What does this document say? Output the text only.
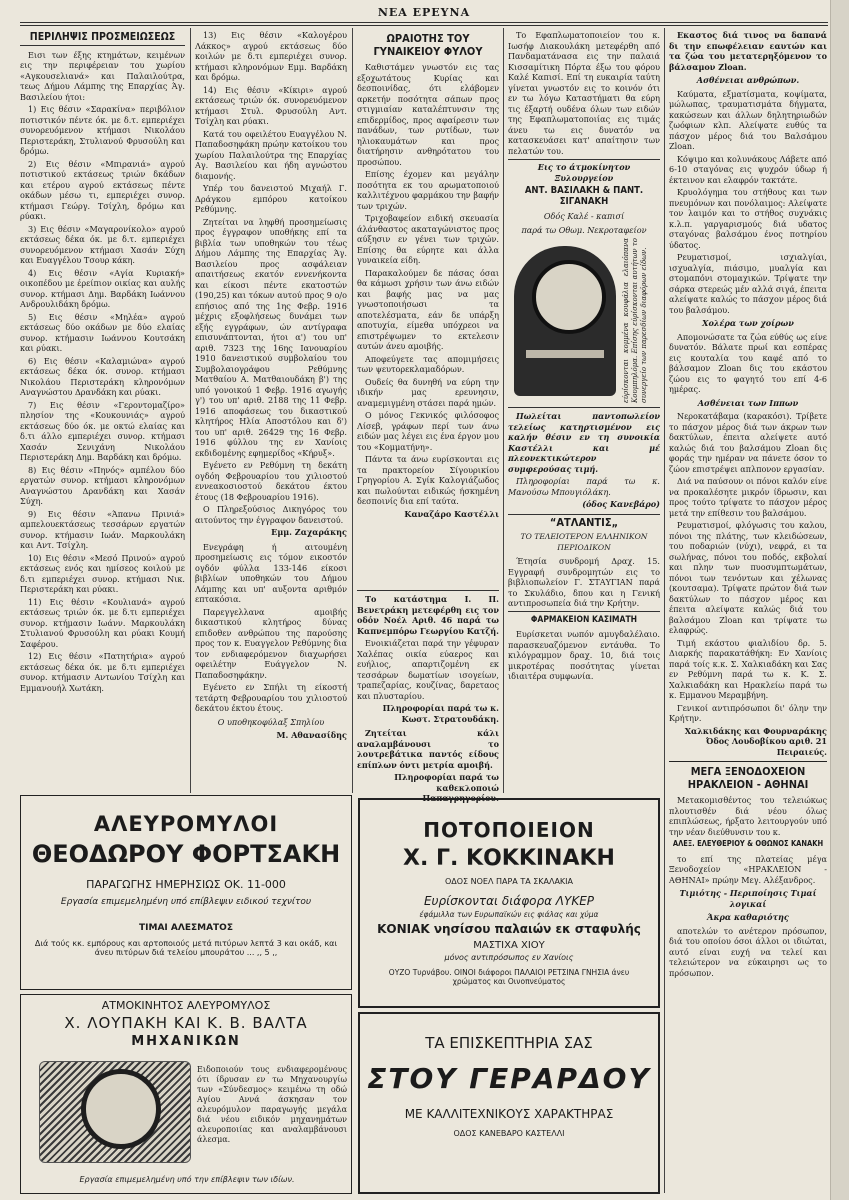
ΝΕΑ ΕΡΕΥΝΑ
ΠΕΡΙΛΗΨΙΣ ΠΡΟΣΜΕΙΩΣΕΩΣ

Εισι των έξης κτημάτων, κειμένων εις την περιφέρειαν του χωρίου «Αγκουσελιανά» και Παλαιλούτρα, τεως Δήμου Λάμπης της Επαρχίας Άγ. Βασιλείου ήτοι:

1) Εις θέσιν «Σαρακίνα» περιβόλιον ποτιστικόν πέντε όκ. με δ.τ. εμπεριέχει συνορευόμενον κτήμασι Νικολάου Περιστεράκη, Στυλιανού Φρυσούλη και δρόμω.

2) Εις θέσιν «Μπιρανιά» αγρού ποτιστικού εκτάσεως τριών δκάδων και ετέρου αγρού εκτάσεως πέντε οκάδων μέσω τι, εμπεριέχει συνορ. κτήμασι Γεώργ. Τσίχλη, δρόμω και ρύακι.

3) Εις θέσιν «Μαγαρονίκολο» αγρού εκτάσεως δέκα όκ. με δ.τ. εμπεριέχει συνορευόμενον κτήμασι Χασάν Σύχη και Ευαγγέλου Τσουρ κάκη.

4) Εις θέσιν «Αγία Κυριακή» οικοπέδου με έρείπιον οικίας και αυλής συνορ. κτήμασι Δημ. Βαρδάκη Ιωάννου Ανδρουλιδάκη δρόμω.

5) Εις θέσιν «Μηλέα» αγρού εκτάσεως δύο οκάδων με δύο ελαίας συνορ. κτήμασιν Ιωάννου Κουτσάκη και ρύακι.

6) Εις θέσιν «Καλαμιώνα» αγρού εκτάσεως δέκα όκ. συνορ. κτήμασι Νικολάου Περιστεράκη κληρονόμων Αναγνώστου Δρανδάκη και ρύακι.

7) Εις θέσιν «Γεροντομαζίρο» πλησίον της «Κουκουνιάς» αγρού εκτάσεως δύο όκ. με οκτώ ελαίας και δ.τι άλλο εμπεριέχει συνορ. κτήμασι Χασάν Σενιχάνη Νικολάου Περιστεράκη Δημ. Βαρδάκη και δρόμω.

8) Εις θέσιν «Πηνός» αμπέλου δύο εργατών συνορ. κτήμασι κληρονόμων Αναγνώστου Δρανδάκη και Χασάν Σύχη.

9) Εις θέσιν «Άπανω Πρινιά» αμπελουεκτάσεως τεσσάρων εργατών συνορ. κτήμασιν Ιωάν. Μαρκουλάκη και Αντ. Τσίχλη.

10) Εις θέσιν «Μεσό Πρινού» αγρού εκτάσεως ενός και ημίσεος κοιλού με δ.τι εμπεριέχει συνορ. κτήμασι Νικ. Περιστεράκη και ρύακι.

11) Εις θέσιν «Κουλιανά» αγρού εκτάσεως τριών όκ. με δ.τι εμπεριέχει συνορ. κτήμασιν Ιωάνν. Μαρκουλάκη Στυλιανού Φρυσούλη και ρύακι Κουμή Σαφέρου.

12) Εις θέσιν «Πατητήρια» αγρού εκτάσεως δέκα όκ. με δ.τι εμπεριέχει συνορ. κτήμασιν Αντωνίου Τσίχλη και Εμμανουήλ Χωτάκη.

13) Εις θέσιν «Καλογέρου Λάκκος» αγρού εκτάσεως δύο κοιλών με δ.τι εμπεριέχει συνορ. κτήμασι κληρονόμων Εμμ. Βαρδάκη και δρόμω.

14) Εις θέσιν «Κίκιρι» αγρού εκτάσεως τριών όκ. συνορευόμενον κτήμασι Στυλ. Φρυσούλη Αντ. Τσίχλη και ρύακι.

Κατά του οφειλέτου Ευαγγέλου Ν. Παπαδοσηφάκη πρώην κατοίκου του χωρίου Παλαιλούτρα της Επαρχίας Αγ. Βασιλείου και ήδη αγνώστου διαμονής.

Υπέρ του δανειστού Μιχαήλ Γ. Δράγκου εμπόρου κατοίκου Ρεθύμνης.

Ζητείται να ληφθή προσημείωσις προς έγγραφον υποθήκης επί τα βιβλία των υποθηκών του τέως Δήμου Λάμπης της Επαρχίας Άγ. Βασιλείου προς ασφάλειαν απαιτήσεως εκατόν εννενήκοντα και είκοσι πέντε εκατοστών (190,25) και τόκων αυτού προς 9 ο/ο επήσιος από της 1ης Φεβρ. 1916 μέχρις εξοφλήσεως δυνάμει των εξής εγγράφων, ών αντίγραφα επισυνάπτονται, ήτοι α') του υπ' αριθ. 7323 της 16ης Ιανουαρίου 1910 δανειστικού συμβολαίου του Συμβολαιογράφου Ρεθύμνης Ματθαίου Α. Ματθαιουδάκη β') της υπό γονοικού 1 Φεβρ. 1916 αγωγής γ') του υπ' αριθ. 2188 της 11 Φεβρ. 1916 αποφάσεως του δικαστικού κλητήρος Ηλία Αποστόλου και δ') του υπ' αριθ. 26429 της 16 Φεβρ. 1916 φύλλου της εν Χανίοις εκδιδομένης εφημερίδος «Κήρυξ».

Εγένετο εν Ρεθύμνη τη δεκάτη ογδόη Φεβρουαρίου του χιλιοστού εννεακοσιοστού δεκάτου έκτου έτους (18 Φεβρουαρίου 1916).

Ο Πληρεξούσιος Δικηγόρος του αιτούντος την έγγραφον δανειστού.

Εμμ. Ζαχαράκης

Ενεγράφη ή αιτουμένη προσημείωσις εις τόμον εικοστόν ογδόν φύλλα 133-146 είκοσι βιβλίων υποθηκών του Δήμου Λάμπης και υπ' αυξοντα αριθμόν επτακόσια.

Παρεγγελλανα αμοιβής δικαστικού κλητήρος δύνας επιδοθεν ανθρώπου της παρούσης προς τον κ. Ευαγγελον Ρεθύμνης δια τον ενδιαφερόμενον διαχωρήσει οφειλέτην Ευάγγελον Ν. Παπαδοσηφάκην.

Εγένετο εν Σπήλι τη είκοστή τετάρτη Φεβρουαρίου του χιλιοστού δεκάτου έκτου έτους.

Ο υποθηκοφύλαξ Σπηλίου

Μ. Αθανασίδης

ΩΡΑΙΟΤΗΣ ΤΟΥ ΓΥΝΑΙΚΕΙΟΥ ΦΥΛΟΥ

Καθιστάμεν γνωστόν εις τας εξοχωτάτους Κυρίας και δεσποινίδας, ότι ελάβομεν αρκετήν ποσότητα σάπων προς στιγμιαίαν καταλέπτυνσιν της επιδερμίδος, προς αφαίρεσιν των πανάδων, των ρυτίδων, των ηλιοκαυμάτων και προς διατήρησιν ανθηρότατου του προσώπου.

Επίσης έχομεν και μεγάλην ποσότητα εκ του αρωματοποιού καλλιτέχνου φαρμάκου την βαφήν των τριχών.

Τριχοβαφείον ειδική σκευασία άλάνθαστος ακαταγώνιστος προς αύξησιν εν γένει των τριχών. Επίσης θα εύρητε και άλλα γυναικεία είδη.

Παρακαλούμεν δε πάσας όσαι θα κάμωσι χρήσιν των άνω ειδών και βαφής μας να μας γνωστοποιήσωσι τα αποτελέσματα, εάν δε υπάρξη αποτυχία, είμεθα υπόχρεοι να επιστρέψωμεν το εκτελεσιν αυτών άνευ αμοιβής.

Αποφεύγετε τας απομιμήσεις των ψευτορεκλαμαδόρων.

Ουδείς θα δυνηθή να εύρη την ιδικήν μας ερευνησιν, αναμεμιγμένη στάσει παρά ημών.

Ο μόνος Γεκνικός φιλόσοφος Λίσεβ, γράφων περί των άνω ειδών μας λέγει εις ένα έργον μου του «Κομματήνη».

Πάντα τα άνω ευρίσκονται εις τα πρακτορείον Σίγουρικίου Γρηγορίου Α. Σγίκ Καλογιάζωδος και πωλούνται ειδικώς ήσκημένη δεσποινίς δια επί ταύτα.

Καναζάρο Καστέλλι

Το κατάστημα Ι. Π. Βενετράκη μετεφέρθη εις τον οδόν Νοέλ Αριθ. 46 παρά τω Καπνεμπόρω Γεωργίου Κατζή.

Ενοικιάζεται παρά την γέφυραν Χαλέπας οικία εύαερος και ευήλιος, απαρτιζομένη εκ τεσσάρων δωματίων ισογείων, τραπεζαρίας, κουζίνας, δαρεταος και πλυσταρίου.

Πληροφορίαι παρά τω κ. Κωστ. Στρατουδάκη.

Ζητείται κάλι αναλαμβάνουσι το λουτρεβάτικα παντός είδους επίπλων όντι μετρία αμοιβή.

Πληροφορίαι παρά τω καθεκλοποιώ Παπαγρηγορίου.

Το Εφαπλωματοποιείον του κ. Ιωσήφ Διακουλάκη μετεφέρθη από Πανδαματάνασα εις την παλαιά Κισσαμίτικη Πόρτα έξω του φόρου Καλέ Καπισί. Επί τη ευκαιρία ταύτη γίνεται γνωστόν εις το κοινόν ότι εν τω λόγω Καταστήματι θα εύρη τις έξαρτή ουδένα όλων των ειδών της Εφαπλωματοποιίας εις τιμάς άνευ τω εις δυνατόν να κατασκευάσει κατ' απαίτησιν των πελατών του.

Εις το άτμοκίνητον Ξυλουργείον

ΑΝΤ. ΒΑΣΙΛΑΚΗ & ΠΑΝΤ. ΣΙΓΑΝΑΚΗ

Οδός Καλέ - καπισί

παρά τω Οθωμ. Νεκροταφείον

εύρίσκονται κομμένα κουφάλια ελαιόπανα Κουμπηλόμα. Επίσης εύρίσκονται αυτήτων το συνεργείο των παρεσδίων διαφόρων είδων.

Πωλείται παντοπωλείον τελείως κατηρτισμένον εις καλήν θέσιν εν τη συνοικία Καστέλλι και μέ πλεονεκτικώτερον συμφερούσας τιμή.

Πληροφορίαι παρά τω κ. Μανούσω Μπουγιόλάκη.

(όδος Κανεβάρο)

“ΑΤΛΑΝΤΙΣ„

ΤΟ ΤΕΛΕΙΟΤΕΡΟΝ ΕΛΛΗΝΙΚΟΝ ΠΕΡΙΟΔΙΚΟΝ

Έτησία συνδρομή Δραχ. 15. Εγγραφή συνδρομητών εις το βιβλιοπωλείον Γ. ΣΤΑΥΓΙΑΝ παρά το Σκυλάδιο, δπου και η Γενική αντιπροσωπεία διά την Κρήτην.

ΦΑΡΜΑΚΕΙΟΝ ΚΑΣΙΜΑΤΗ

Ευρίσκεται νωπόν αμυγδαλέλαιο. παρασκευαζόμενον εντάυθα. Το κιλόγραμμον δραχ. 10, διά τοις μικροτέρας ποσότητας γίνεται ιδιαιτέρα συμφωνία.

Εκαστος διά τινος να δαπανά δι την επωφέλειαν εαυτών και τα ζώα του μετατερηξόμενον το βάλσαμον Zloan.

Ασθένειαι ανθρώπων.

Καύματα, εξματίσματα, κοψίματα, μώλωπας, τραυματισμάτα δήγματα, κακώσεων και άλλων δηλητηριωδών ζωόφιων κλπ. Αλείψατε ευθύς τα πάσχον μέρος διά του Βαλσάμου Zloan.

Κόψιμο και κολυνάκους Λάβετε από 6-10 σταγόνας εις ψυχρόν ύδωρ ή έκτεινον και ελαφρόν τακτάτε.

Κρυολόγημα του στήθους και των πνευμόνων και πονόλαιμος: Αλείψατε τον λαιμόν και το στήθος συχνάκις κ.λ.π. γαργαρισμούς διά υδατος σταγόνας βαλσάμου ένος ποτηρίου ύδατος.

Ρευματισμοί, ισχιαλγίαι, ισχυαλγία, πιάσιμο, μυαλγία και στομαπόνι στομαχικών. Τρίψατε την σάρκα στερεώς μέν αλλά σιγά, έπειτα αλείψατε καλώς το πάσχον μέρος διά του βαλσάμου.

Χολέρα των χοίρων

Απομονώσατε τα ζώα εύθύς ως είνε δυνατόν. Βάλατε πρωί και εσπέρας εις κουταλία του καφέ από το βάλσαμον Zloan δις του εκάστου ζώου εις το φαγητό του επί 4-6 ημέρας.

Ασθένειαι των Ιππων

Νεροκατάβαμα (καρακόσι). Τρίβετε το πάσχον μέρος διά των άκρων των δακτύλων, έπειτα αλείψετε αυτό καλώς διά του βαλσάμου Zloan δις φοράς την ημέραν να πάνετε όσον το ζώον επιστρέψει απλπονον εργασίαν.

Διά να παύσουν οι πόνοι καλόν είνε να προκαλέσητε μικρόν ίδρωσιν, και προς τούτο τρίψατε το πάσχον μέρος μετά την επίθεσιν του βαλσάμου.

Ρευματισμοί, φλόγωσις του καλου, πόνοι της πλάτης, των κλειδώσεων, του ποδαριών (νύχι), νεφρά, ει τα σωλήνας, πόνοι του ποδός, εκβολαί και πλην των πυοσυμπτωμάτων, πόνοι των τενόντων και χέλωνας (κουτσαμα). Τρίψατε πρώτον διά των δακτύλων το πάσχον μέρος και έπειτα αλείψατε καλώς διά του βαλσάμου Zloan και τρίψατε τω ελαφρώς.

Τιμή εκάστου φιαλιδίου δρ. 5. Διαρκής παρακατάθήκη: Εν Χανίοις παρά τοίς κ.κ. Σ. Χαλκιαδάκη και Σας εν Ρεθύμνη παρά τω κ. Κ. Σ. Χαλκιαδάκη και Ηρακλείω παρά τω κ. Εμμανου Μεραμβήνη.

Γενικοί αντιπρόσωποι δι' όλην την Κρήτην.

Χαλκιδάκης και Φουρναράκης Όδος Λουδοβίκου αριθ. 21 Πειραιεύς.

ΜΕΓΑ ΞΕΝΟΔΟΧΕΙΟΝ ΗΡΑΚΛΕΙΟΝ - ΑΘΗΝΑΙ

Μετακομισθέντος του τελειώκως πλουτισθέν διά νέου όλως επιπλώσεως, ήρξατο λειτουργούν υπό την νέαν διεύθυνσιν του κ.

ΑΛΕΞ. ΕΛΕΥΘΕΡΙΟΥ & ΟΘΩΝΟΣ ΚΑΝΑΚΗ

το επί της πλατείας μέγα Ξενοδοχείον «ΗΡΑΚΛΕΙΟΝ - ΑΘΗΝΑΙ» πρώην Μεγ. Αλέξανδρος.

Τιμιότης - Περιποίησις Τιμαί λογικαί

Άκρα καθαριότης

αποτελών το ανέτερον πρόσωπον, διά του οποίου όσοι άλλοι οι ιδιώται, αυτό είναι ευχή να τελεί και τελειώτερον να εύκαιρησι ως το πρόσωπον.

ΑΛΕΥΡΟΜΥΛΟΙ
ΘΕΟΔΩΡΟΥ ΦΟΡΤΣΑΚΗ
ΠΑΡΑΓΩΓΗΣ ΗΜΕΡΗΣΙΩΣ ΟΚ. 11-000
Εργασία επιμεμελημένη υπό επίβλεψιν ειδικού τεχνίτου
ΤΙΜΑΙ ΑΛΕΣΜΑΤΟΣ
Διά τούς κκ. εμπόρους και αρτοποιούς μετά πιτύρων λεπτά 3 και οκάδ, και άνευ πιτύρων διά τελείου μπουράτου ... ,, 5 ,,
ΑΤΜΟΚΙΝΗΤΟΣ ΑΛΕΥΡΟΜΥΛΟΣ
Χ. ΛΟΥΠΑΚΗ ΚΑΙ Κ. Β. ΒΑΛΤΑ
ΜΗΧΑΝΙΚΩΝ
Ειδοποιούν τους ενδιαφερομένους ότι ίδρυσαν εν τω Μηχανουργίω των «Σύνδεσμος» κειμένω τη οδώ Αγίου Αννά άσκησαν τον αλευρόμυλον παραγωγής μεγάλα διά νέου ειδικόν μηχανημάτων αλευροποιίας και αναλαμβάνουσι άλεσμα.
Εργασία επιμεμελημένη υπό την επίβλεψιν των ιδίων.
ΠΟΤΟΠΟΙΕΙΟΝ
Χ. Γ. ΚΟΚΚΙΝΑΚΗ
ΟΔΟΣ ΝΟΕΛ ΠΑΡΑ ΤΑ ΣΚΑΛΑΚΙΑ
Ευρίσκονται διάφορα ΛΥΚΕΡ
έφάμιλλα των Ευρωπαϊκών εις φιάλας και χύμα
ΚΟΝΙΑΚ νησίσου παλαιών εκ σταφυλής
ΜΑΣΤΙΧΑ ΧΙΟΥ
μόνος αντιπρόσωπος εν Χανίοις
ΟΥΖΟ Τυρνάβου. ΟΙΝΟΙ διάφοροι ΠΑΛΑΙΟΙ ΡΕΤΣΙΝΑ ΓΝΗΣΙΑ άνευ χρώματος και Οινοπνεύματος
ΤΑ ΕΠΙΣΚΕΠΤΗΡΙΑ ΣΑΣ
ΣΤΟΥ ΓΕΡΑΡΔΟΥ
ΜΕ ΚΑΛΛΙΤΕΧΝΙΚΟΥΣ ΧΑΡΑΚΤΗΡΑΣ
ΟΔΟΣ ΚΑΝΕΒΑΡΟ ΚΑΣΤΕΛΛΙ
